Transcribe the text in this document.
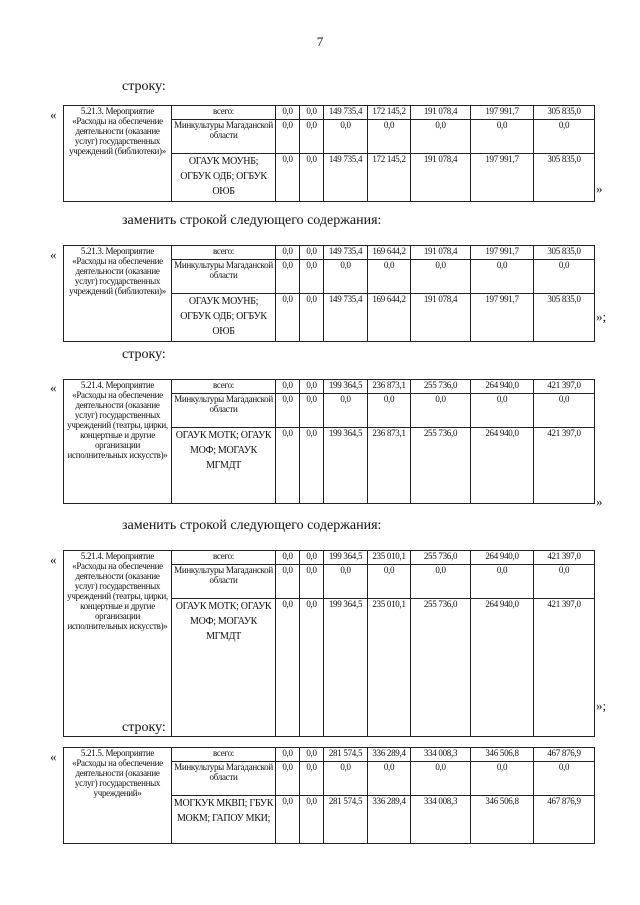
7
строку:
заменить строкой следующего содержания:
строку:
заменить строкой следующего содержания:
строку:
«
»
«
»;
«
»
«
»;
«
5.21.3. Мероприятие «Расходы на обеспечение деятельности (оказание услуг) государственных учреждений (библиотеки)»	всего:	0,0	0,0	149 735,4	172 145,2	191 078,4	197 991,7	305 835,0
	Минкультуры Магаданской области	0,0	0,0	0,0	0,0	0,0	0,0	0,0
	ОГАУК МОУНБ; ОГБУК ОДБ; ОГБУК ОЮБ	0,0	0,0	149 735,4	172 145,2	191 078,4	197 991,7	305 835,0
5.21.3. Мероприятие «Расходы на обеспечение деятельности (оказание услуг) государственных учреждений (библиотеки)»	всего:	0,0	0,0	149 735,4	169 644,2	191 078,4	197 991,7	305 835,0
	Минкультуры Магаданской области	0,0	0,0	0,0	0,0	0,0	0,0	0,0
	ОГАУК МОУНБ; ОГБУК ОДБ; ОГБУК ОЮБ	0,0	0,0	149 735,4	169 644,2	191 078,4	197 991,7	305 835,0
5.21.4. Мероприятие «Расходы на обеспечение деятельности (оказание услуг) государственных учреждений (театры, цирки, концертные и другие организации исполнительных искусств)»	всего:	0,0	0,0	199 364,5	236 873,1	255 736,0	264 940,0	421 397,0
	Минкультуры Магаданской области	0,0	0,0	0,0	0,0	0,0	0,0	0,0
	ОГАУК МОТК; ОГАУК МОФ; МОГАУК МГМДТ	0,0	0,0	199 364,5	236 873,1	255 736,0	264 940,0	421 397,0
5.21.4. Мероприятие «Расходы на обеспечение деятельности (оказание услуг) государственных учреждений (театры, цирки, концертные и другие организации исполнительных искусств)»	всего:	0,0	0,0	199 364,5	235 010,1	255 736,0	264 940,0	421 397,0
	Минкультуры Магаданской области	0,0	0,0	0,0	0,0	0,0	0,0	0,0
	ОГАУК МОТК; ОГАУК МОФ; МОГАУК МГМДТ	0,0	0,0	199 364,5	235 010,1	255 736,0	264 940,0	421 397,0
5.21.5. Мероприятие «Расходы на обеспечение деятельности (оказание услуг) государственных учреждений»	всего:	0,0	0,0	281 574,5	336 289,4	334 008,3	346 506,8	467 876,9
	Минкультуры Магаданской области	0,0	0,0	0,0	0,0	0,0	0,0	0,0
	МОГКУК МКВП; ГБУК МОКМ; ГАПОУ МКИ;	0,0	0,0	281 574,5	336 289,4	334 008,3	346 506,8	467 876,9
